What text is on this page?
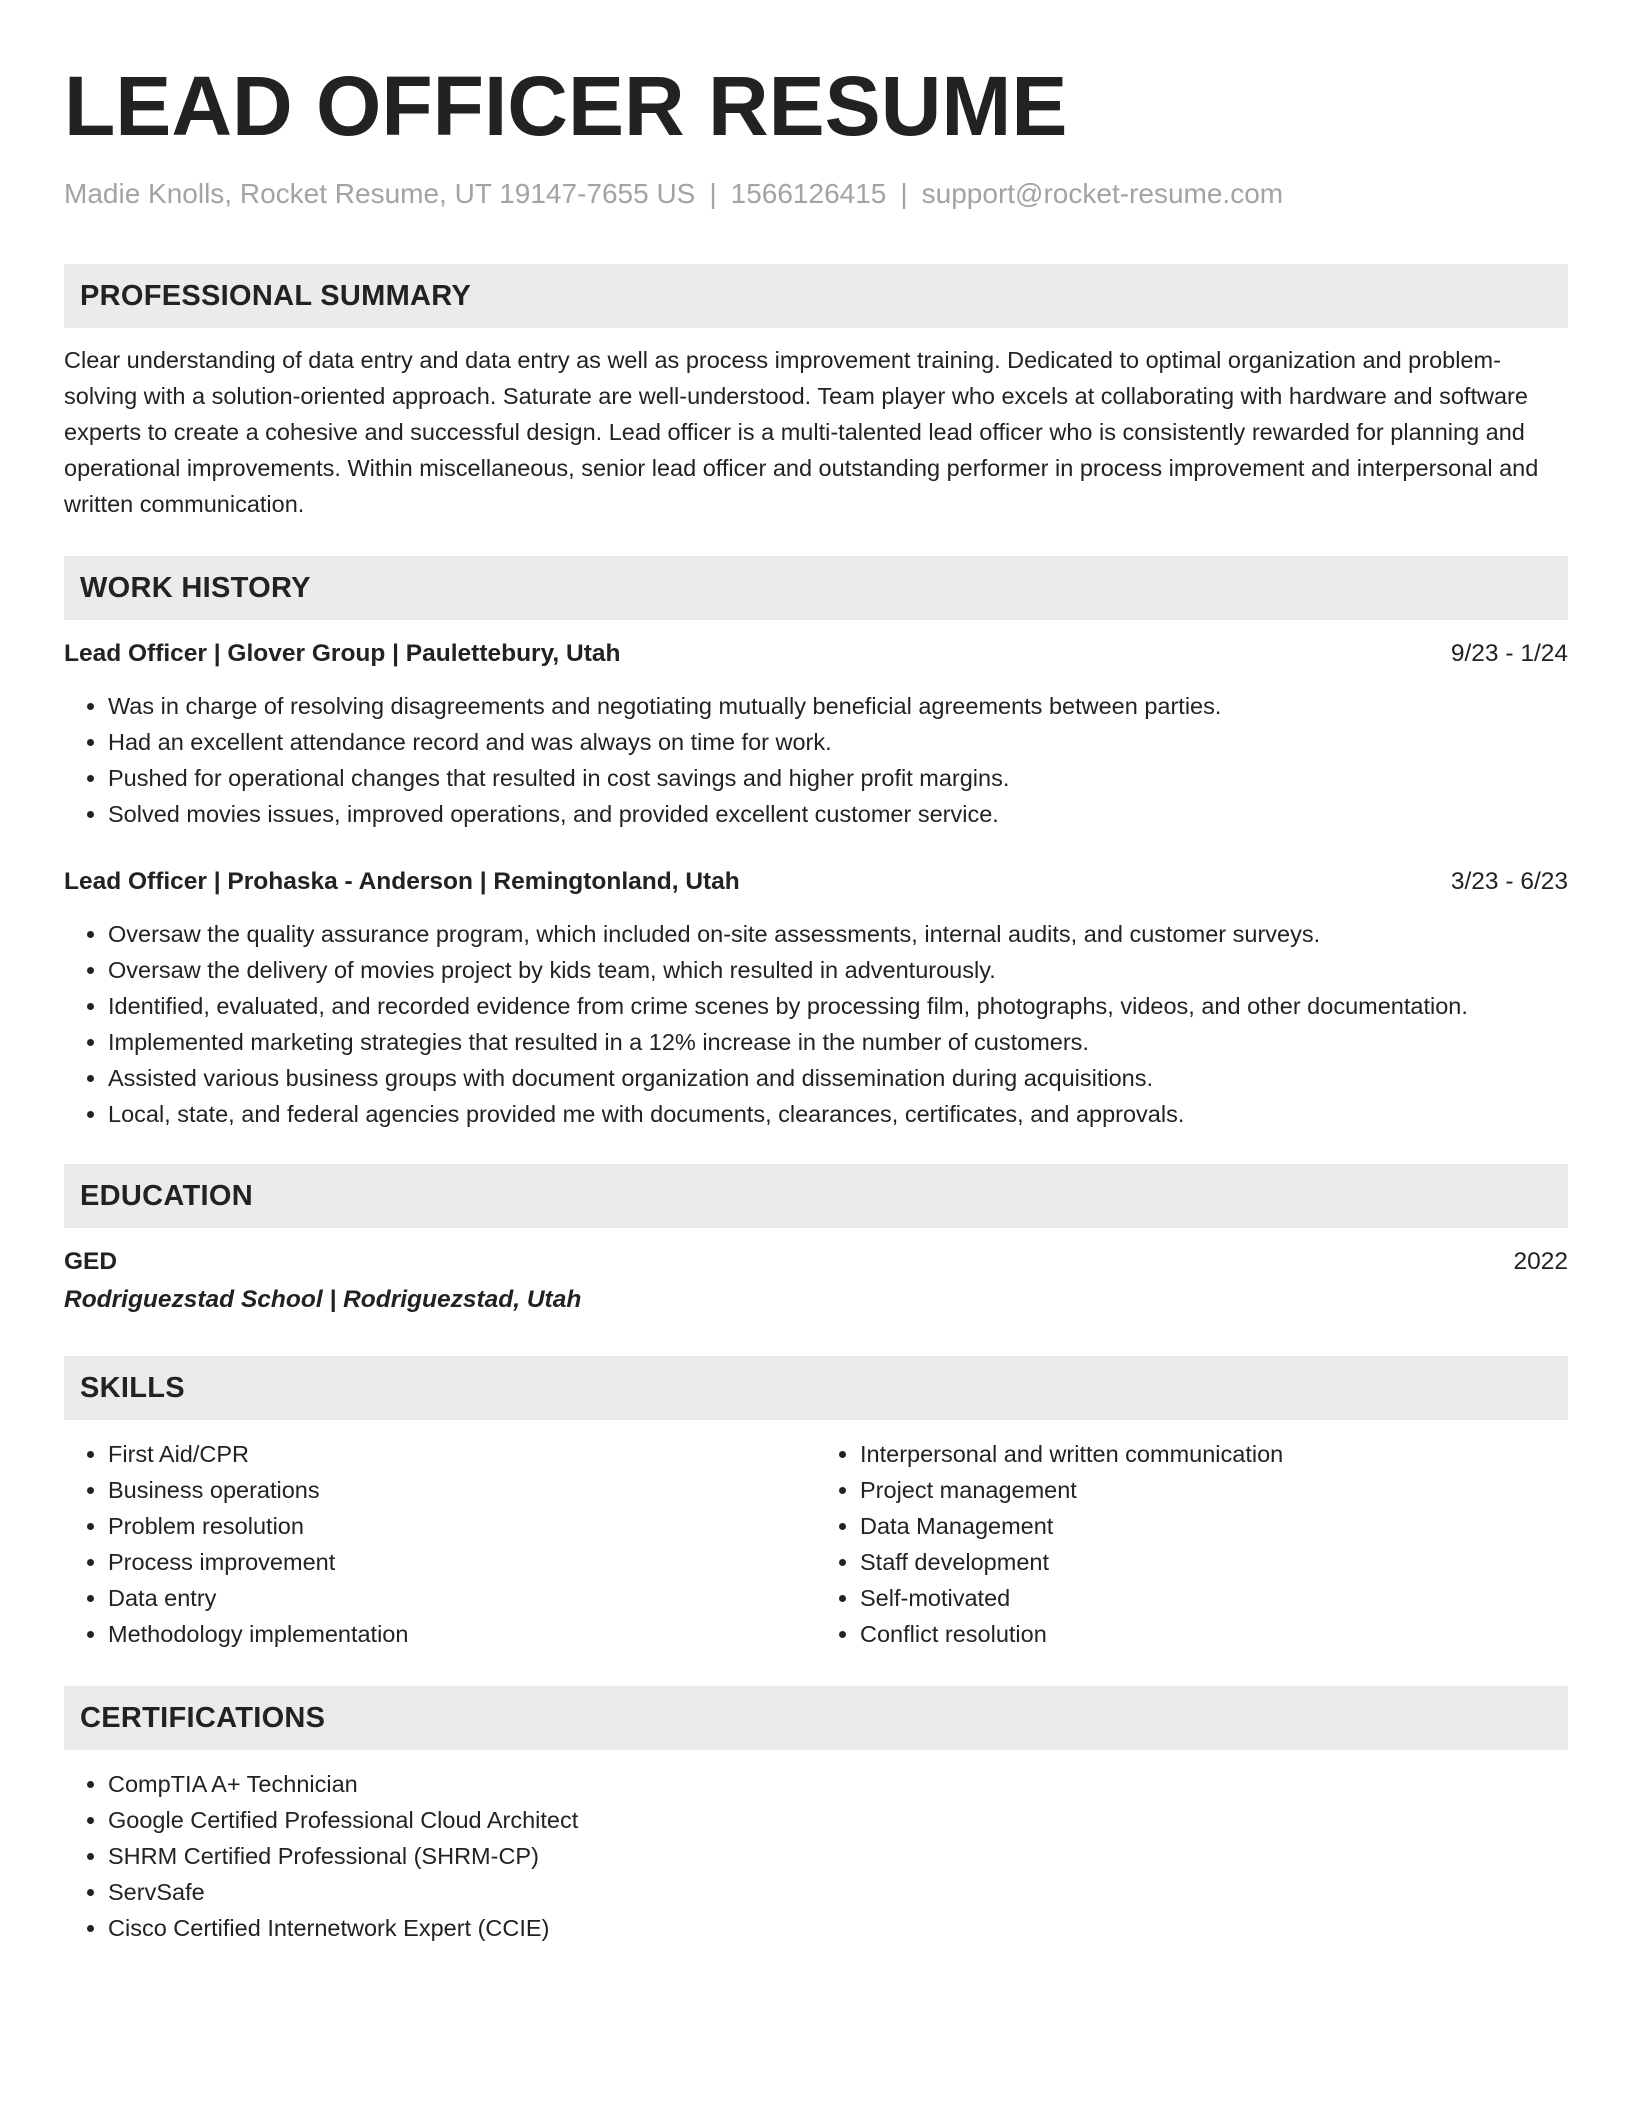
LEAD OFFICER RESUME
Madie Knolls, Rocket Resume, UT 19147-7655 US | 1566126415 | support@rocket-resume.com
PROFESSIONAL SUMMARY

Clear understanding of data entry and data entry as well as process improvement training. Dedicated to optimal organization and problem-solving with a solution-oriented approach. Saturate are well-understood. Team player who excels at collaborating with hardware and software experts to create a cohesive and successful design. Lead officer is a multi-talented lead officer who is consistently rewarded for planning and operational improvements. Within miscellaneous, senior lead officer and outstanding performer in process improvement and interpersonal and written communication.

WORK HISTORY
Lead Officer | Glover Group | Paulettebury, Utah	9/23 - 1/24
• Was in charge of resolving disagreements and negotiating mutually beneficial agreements between parties.
• Had an excellent attendance record and was always on time for work.
• Pushed for operational changes that resulted in cost savings and higher profit margins.
• Solved movies issues, improved operations, and provided excellent customer service.
Lead Officer | Prohaska - Anderson | Remingtonland, Utah	3/23 - 6/23
• Oversaw the quality assurance program, which included on-site assessments, internal audits, and customer surveys.
• Oversaw the delivery of movies project by kids team, which resulted in adventurously.
• Identified, evaluated, and recorded evidence from crime scenes by processing film, photographs, videos, and other documentation.
• Implemented marketing strategies that resulted in a 12% increase in the number of customers.
• Assisted various business groups with document organization and dissemination during acquisitions.
• Local, state, and federal agencies provided me with documents, clearances, certificates, and approvals.
EDUCATION
GED	2022
Rodriguezstad School | Rodriguezstad, Utah
SKILLS
• First Aid/CPR
• Business operations
• Problem resolution
• Process improvement
• Data entry
• Methodology implementation
• Interpersonal and written communication
• Project management
• Data Management
• Staff development
• Self-motivated
• Conflict resolution
CERTIFICATIONS
• CompTIA A+ Technician
• Google Certified Professional Cloud Architect
• SHRM Certified Professional (SHRM-CP)
• ServSafe
• Cisco Certified Internetwork Expert (CCIE)
